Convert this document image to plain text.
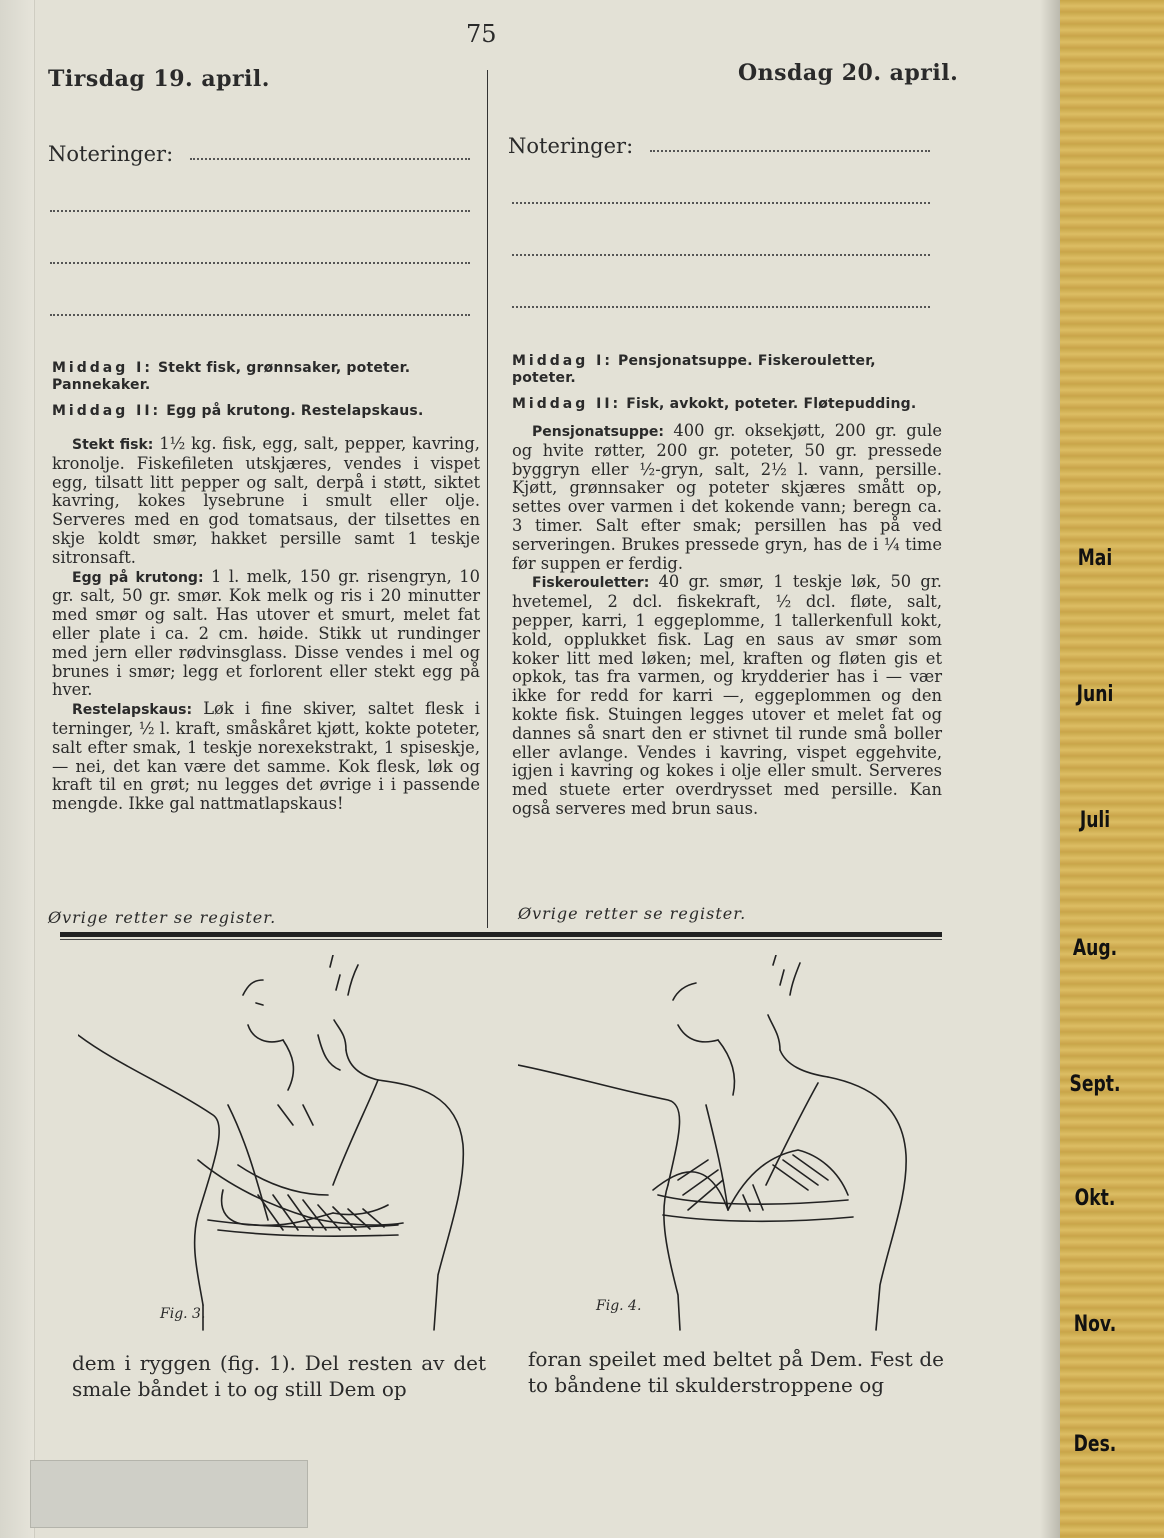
75
Tirsdag 19. april.	Onsdag 20. april.
Noteringer:	Noteringer:

Middag I: Stekt fisk, grønnsaker, poteter. Pannekaker.

Middag II: Egg på krutong. Restelapskaus.

Stekt fisk: 1½ kg. fisk, egg, salt, pepper, kavring, kronolje. Fiskefileten utskjæres, vendes i vispet egg, tilsatt litt pepper og salt, derpå i støtt, siktet kavring, kokes lysebrune i smult eller olje. Serveres med en god tomatsaus, der tilsettes en skje koldt smør, hakket persille samt 1 teskje sitronsaft.

Egg på krutong: 1 l. melk, 150 gr. risengryn, 10 gr. salt, 50 gr. smør. Kok melk og ris i 20 minutter med smør og salt. Has utover et smurt, melet fat eller plate i ca. 2 cm. høide. Stikk ut rundinger med jern eller rødvinsglass. Disse vendes i mel og brunes i smør; legg et forlorent eller stekt egg på hver.

Restelapskaus: Løk i fine skiver, saltet flesk i terninger, ½ l. kraft, småskåret kjøtt, kokte poteter, salt efter smak, 1 teskje norexekstrakt, 1 spiseskje, — nei, det kan være det samme. Kok flesk, løk og kraft til en grøt; nu legges det øvrige i i passende mengde. Ikke gal nattmatlapskaus!

Øvrige retter se register.

Middag I: Pensjonatsuppe. Fiskerouletter, poteter.

Middag II: Fisk, avkokt, poteter. Fløtepudding.

Pensjonatsuppe: 400 gr. oksekjøtt, 200 gr. gule og hvite røtter, 200 gr. poteter, 50 gr. pressede byggryn eller ½-gryn, salt, 2½ l. vann, persille. Kjøtt, grønnsaker og poteter skjæres smått op, settes over varmen i det kokende vann; beregn ca. 3 timer. Salt efter smak; persillen has på ved serveringen. Brukes pressede gryn, has de i ¼ time før suppen er ferdig.

Fiskerouletter: 40 gr. smør, 1 teskje løk, 50 gr. hvetemel, 2 dcl. fiskekraft, ½ dcl. fløte, salt, pepper, karri, 1 eggeplomme, 1 tallerkenfull kokt, kold, opplukket fisk. Lag en saus av smør som koker litt med løken; mel, kraften og fløten gis et opkok, tas fra varmen, og krydderier has i — vær ikke for redd for karri —, eggeplommen og den kokte fisk. Stuingen legges utover et melet fat og dannes så snart den er stivnet til runde små boller eller avlange. Vendes i kavring, vispet eggehvite, igjen i kavring og kokes i olje eller smult. Serveres med stuete erter overdrysset med persille. Kan også serveres med brun saus.

Øvrige retter se register.
Fig. 3.	Fig. 4.
dem i ryggen (fig. 1). Del resten av det smale båndet i to og still Dem op
foran speilet med beltet på Dem. Fest de to båndene til skulderstroppene og
Mai
Juni
Juli
Aug.
Sept.
Okt.
Nov.
Des.
